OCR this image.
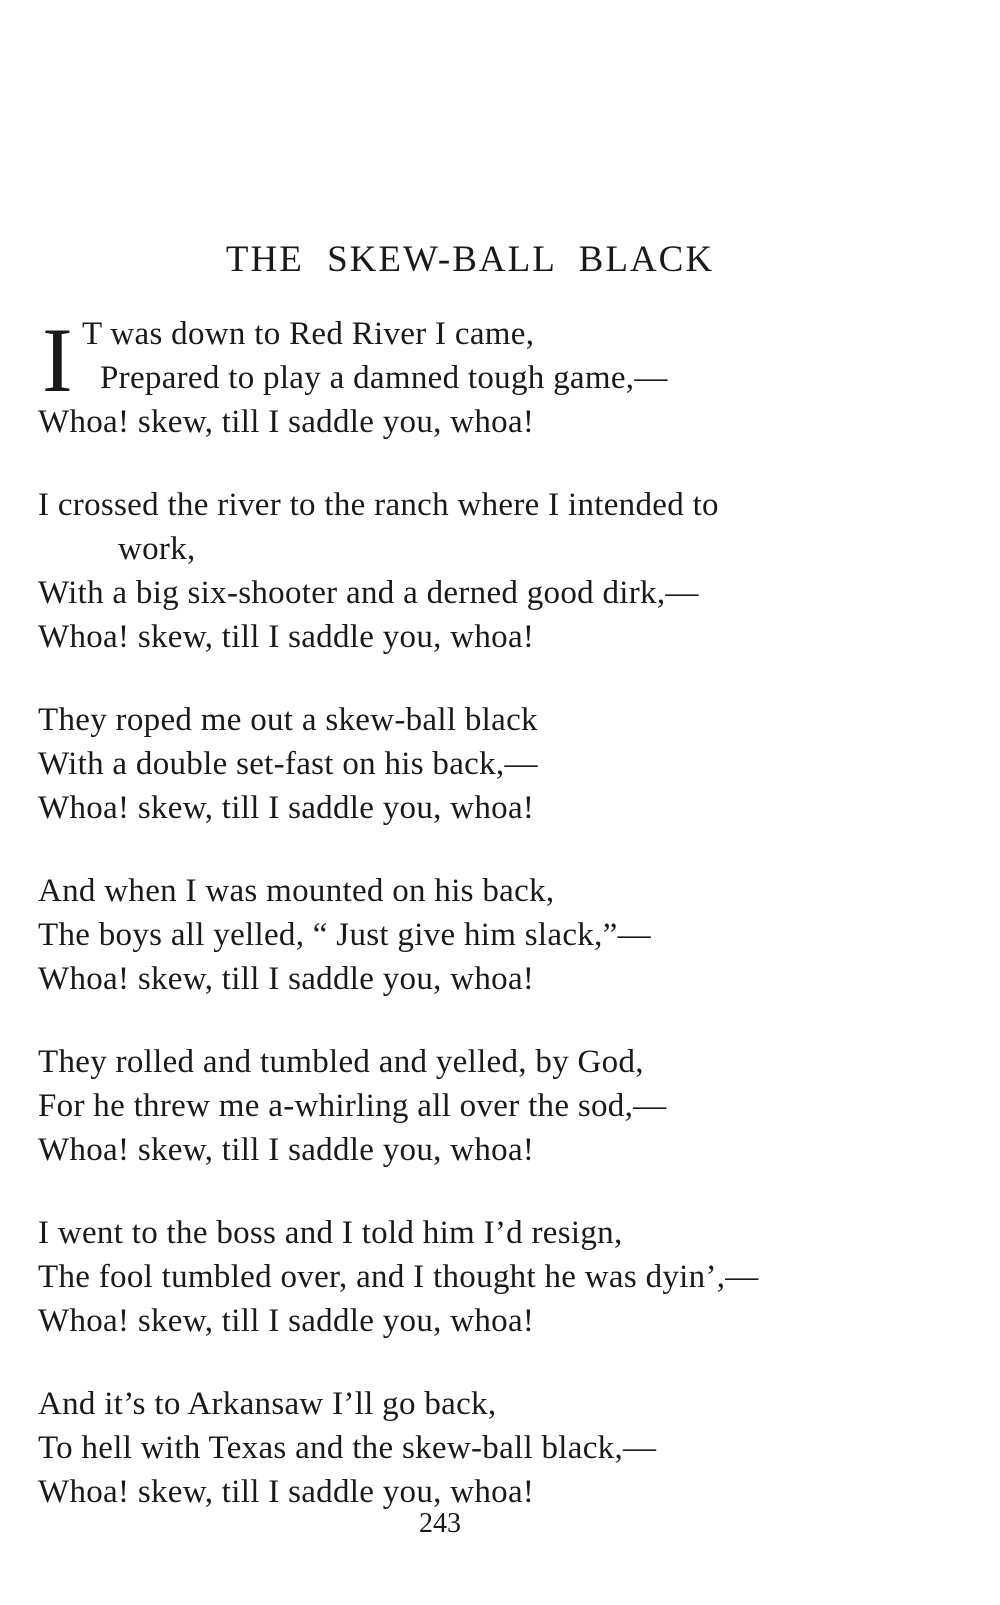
THE SKEW-BALL BLACK
I T was down to Red River I came,
Prepared to play a damned tough game,—
Whoa! skew, till I saddle you, whoa!
I crossed the river to the ranch where I intended to
work,
With a big six-shooter and a derned good dirk,—
Whoa! skew, till I saddle you, whoa!
They roped me out a skew-ball black
With a double set-fast on his back,—
Whoa! skew, till I saddle you, whoa!
And when I was mounted on his back,
The boys all yelled, “ Just give him slack,”—
Whoa! skew, till I saddle you, whoa!
They rolled and tumbled and yelled, by God,
For he threw me a-whirling all over the sod,—
Whoa! skew, till I saddle you, whoa!
I went to the boss and I told him I’d resign,
The fool tumbled over, and I thought he was dyin’,—
Whoa! skew, till I saddle you, whoa!
And it’s to Arkansaw I’ll go back,
To hell with Texas and the skew-ball black,—
Whoa! skew, till I saddle you, whoa!
243
